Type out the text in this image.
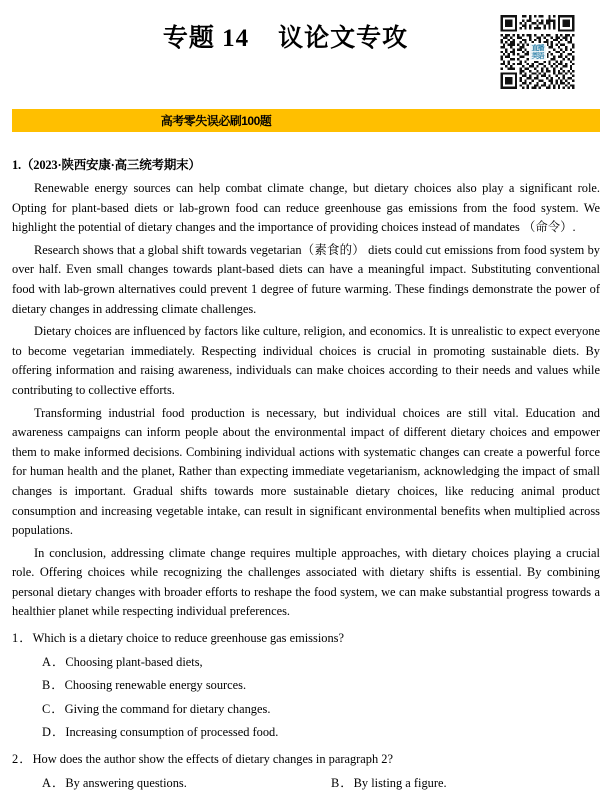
专题 14    议论文专攻	直播英语
高考零失误必刷100题
1.（2023·陕西安康·高三统考期末）

Renewable energy sources can help combat climate change, but dietary choices also play a significant role. Opting for plant-based diets or lab-grown food can reduce greenhouse gas emissions from the food system. We highlight the potential of dietary changes and the importance of providing choices instead of mandates （命令）.

Research shows that a global shift towards vegetarian（素食的） diets could cut emissions from food system by over half. Even small changes towards plant-based diets can have a meaningful impact. Substituting conventional food with lab-grown alternatives could prevent 1 degree of future warming. These findings demonstrate the power of dietary changes in addressing climate challenges.

Dietary choices are influenced by factors like culture, religion, and economics. It is unrealistic to expect everyone to become vegetarian immediately. Respecting individual choices is crucial in promoting sustainable diets. By offering information and raising awareness, individuals can make choices according to their needs and values while contributing to collective efforts.

Transforming industrial food production is necessary, but individual choices are still vital. Education and awareness campaigns can inform people about the environmental impact of different dietary choices and empower them to make informed decisions. Combining individual actions with systematic changes can create a powerful force for human health and the planet, Rather than expecting immediate vegetarianism, acknowledging the impact of small changes is important. Gradual shifts towards more sustainable dietary choices, like reducing animal product consumption and increasing vegetable intake, can result in significant environmental benefits when multiplied across populations.

In conclusion, addressing climate change requires multiple approaches, with dietary choices playing a crucial role. Offering choices while recognizing the challenges associated with dietary shifts is essential. By combining personal dietary changes with broader efforts to reshape the food system, we can make substantial progress towards a healthier planet while respecting individual preferences.

1．Which is a dietary choice to reduce greenhouse gas emissions?
A．Choosing plant-based diets,
B．Choosing renewable energy sources.
C．Giving the command for dietary changes.
D．Increasing consumption of processed food.
2．How does the author show the effects of dietary changes in paragraph 2?
A．By answering questions.	B．By listing a figure.
